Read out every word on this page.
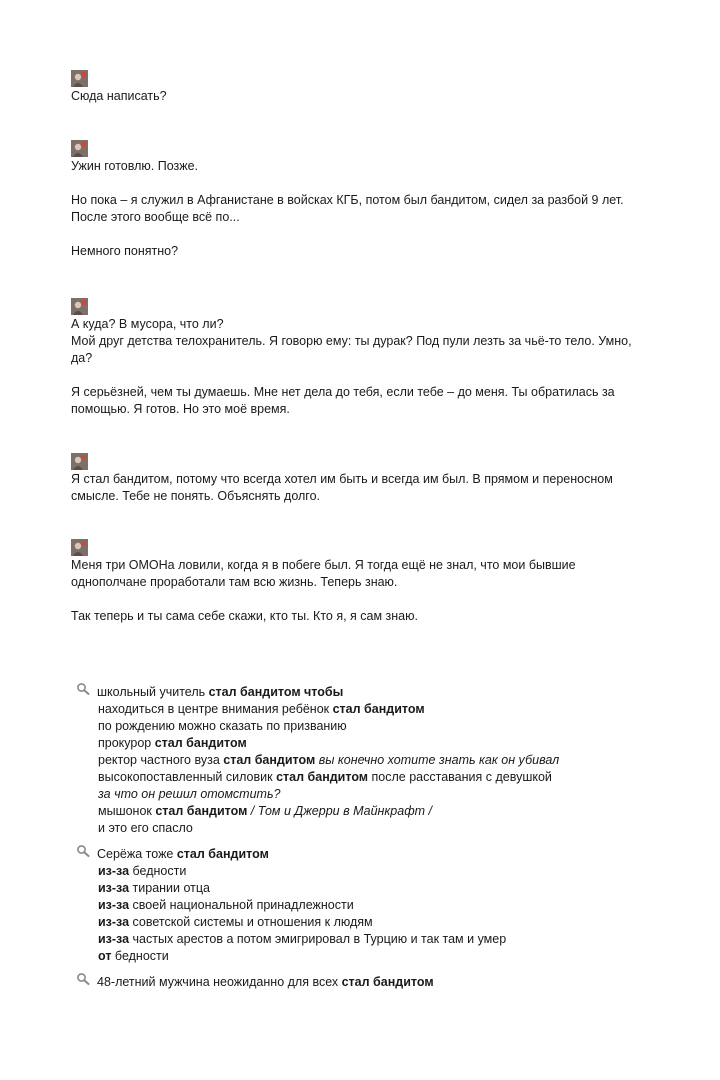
Сюда написать?

Ужин готовлю. Позже.

Но пока – я служил в Афганистане в войсках КГБ, потом был бандитом, сидел за разбой 9 лет.

После этого вообще всё по...

Немного понятно?

А куда? В мусора, что ли?

Мой друг детства телохранитель. Я говорю ему: ты дурак? Под пули лезть за чьё-то тело. Умно,

да?

Я серьёзней, чем ты думаешь. Мне нет дела до тебя, если тебе – до меня. Ты обратилась за

помощью. Я готов. Но это моё время.

Я стал бандитом, потому что всегда хотел им быть и всегда им был. В прямом и переносном

смысле. Тебе не понять. Объяснять долго.

Меня три ОМОНа ловили, когда я в побеге был. Я тогда ещё не знал, что мои бывшие

однополчане проработали там всю жизнь. Теперь знаю.

Так теперь и ты сама себе скажи, кто ты. Кто я, я сам знаю.

школьный учитель стал бандитом чтобы
находиться в центре внимания ребёнок стал бандитом
по рождению можно сказать по призванию
прокурор стал бандитом
ректор частного вуза стал бандитом вы конечно хотите знать как он убивал
высокопоставленный силовик стал бандитом после расставания с девушкой
за что он решил отомстить?
мышонок стал бандитом / Том и Джерри в Майнкрафт /
и это его спасло
Серёжа тоже стал бандитом
из-за бедности
из-за тирании отца
из-за своей национальной принадлежности
из-за советской системы и отношения к людям
из-за частых арестов а потом эмигрировал в Турцию и так там и умер
от бедности
48-летний мужчина неожиданно для всех стал бандитом
